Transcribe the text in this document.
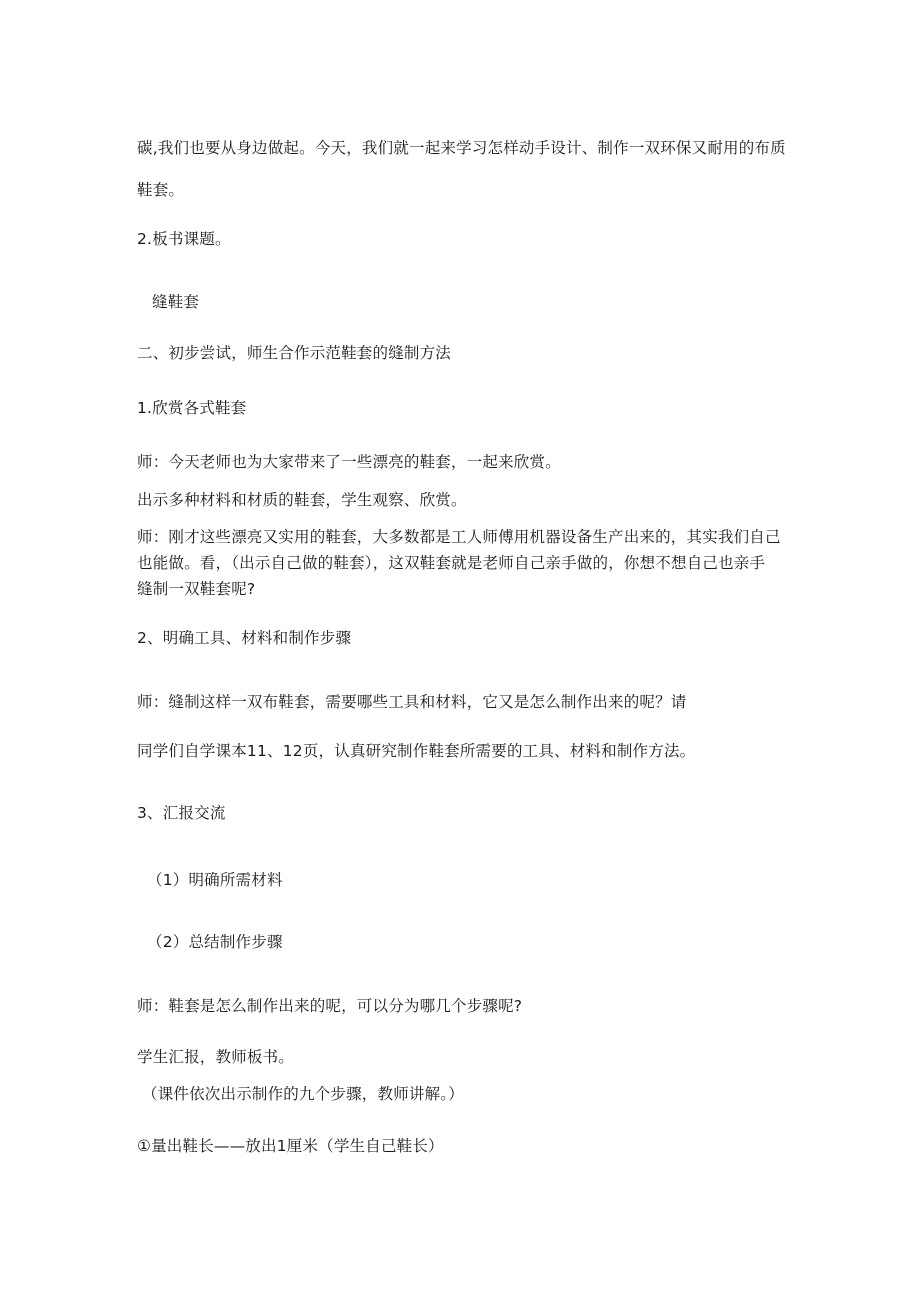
碳,我们也要从身边做起。今天，我们就一起来学习怎样动手设计、制作一双环保又耐用的布质
鞋套。
2.板书课题。
缝鞋套
二、初步尝试，师生合作示范鞋套的缝制方法
1.欣赏各式鞋套
师：今天老师也为大家带来了一些漂亮的鞋套，一起来欣赏。
出示多种材料和材质的鞋套，学生观察、欣赏。
师：刚才这些漂亮又实用的鞋套，大多数都是工人师傅用机器设备生产出来的，其实我们自己
也能做。看，（出示自己做的鞋套），这双鞋套就是老师自己亲手做的，你想不想自己也亲手
缝制一双鞋套呢?
2、明确工具、材料和制作步骤
师：缝制这样一双布鞋套，需要哪些工具和材料，它又是怎么制作出来的呢？请
同学们自学课本11、12页，认真研究制作鞋套所需要的工具、材料和制作方法。
3、汇报交流
（1）明确所需材料
（2）总结制作步骤
师：鞋套是怎么制作出来的呢，可以分为哪几个步骤呢?
学生汇报，教师板书。
（课件依次出示制作的九个步骤，教师讲解。）
①量出鞋长——放出1厘米（学生自己鞋长）
